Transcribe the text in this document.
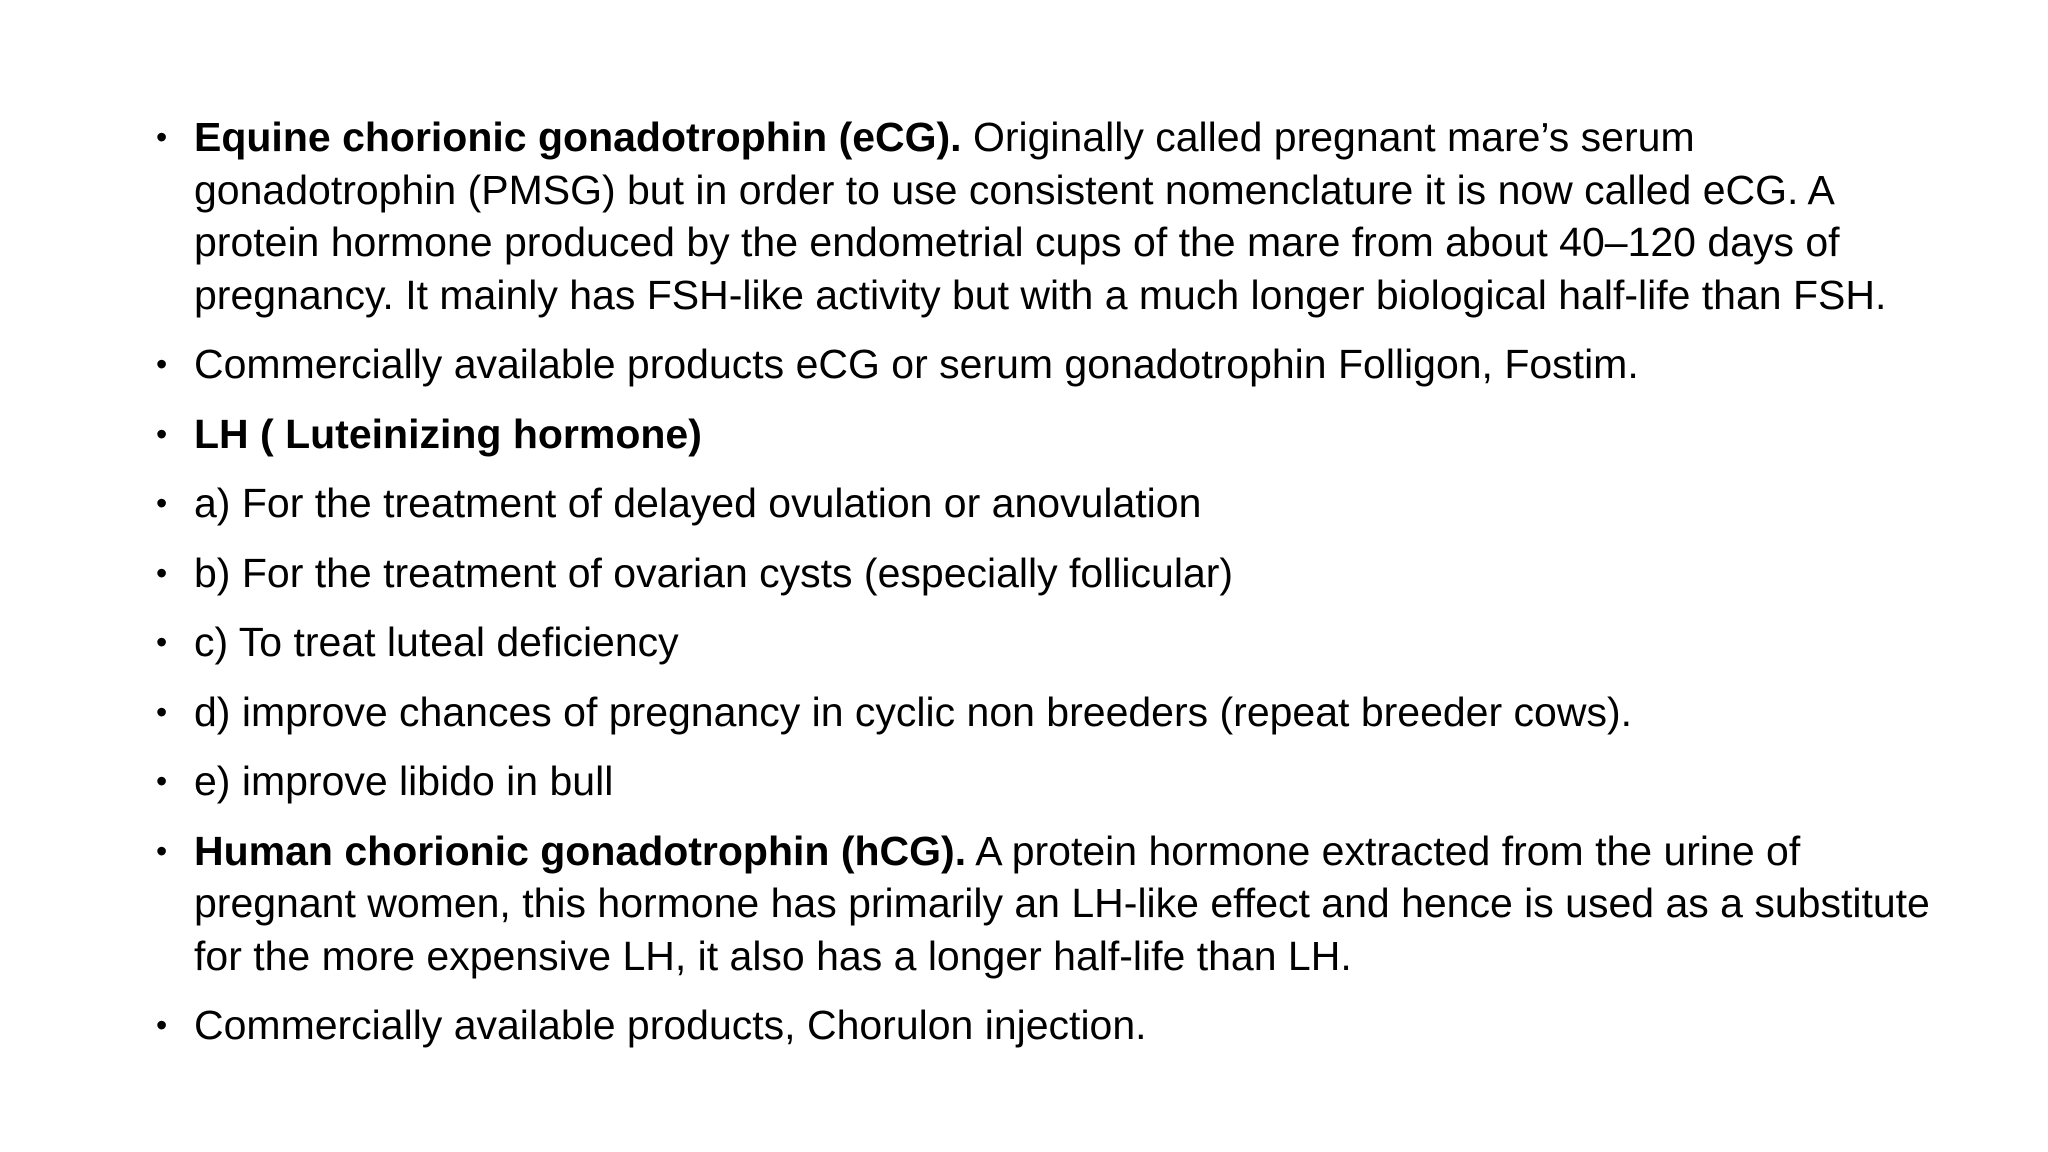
• Equine chorionic gonadotrophin (eCG). Originally called pregnant mare’s serum gonadotrophin (PMSG) but in order to use consistent nomenclature it is now called eCG. A protein hormone produced by the endometrial cups of the mare from about 40–120 days of pregnancy. It mainly has FSH-like activity but with a much longer biological half-life than FSH.
• Commercially available products eCG or serum gonadotrophin Folligon, Fostim.
• LH ( Luteinizing hormone)
• a) For the treatment of delayed ovulation or anovulation
• b) For the treatment of ovarian cysts (especially follicular)
• c) To treat luteal deficiency
• d) improve chances of pregnancy in cyclic non breeders (repeat breeder cows).
• e) improve libido in bull
• Human chorionic gonadotrophin (hCG). A protein hormone extracted from the urine of pregnant women, this hormone has primarily an LH-like effect and hence is used as a substitute for the more expensive LH, it also has a longer half-life than LH.
• Commercially available products, Chorulon injection.
